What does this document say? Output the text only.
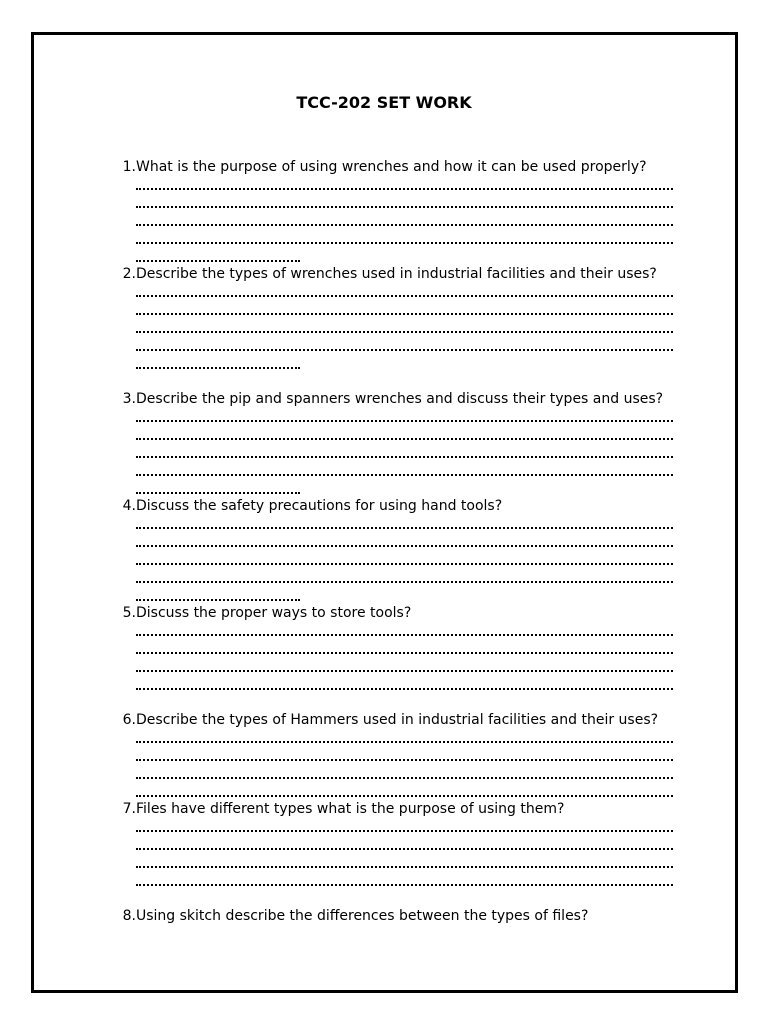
TCC-202 SET WORK
1. What is the purpose of using wrenches and how it can be used properly?
2. Describe the types of wrenches used in industrial facilities and their uses?
3. Describe the pip and spanners wrenches and discuss their types and uses?
4. Discuss the safety precautions for using hand tools?
5. Discuss the proper ways to store tools?
6. Describe the types of Hammers used in industrial facilities and their uses?
7. Files have different types what is the purpose of using them?
8. Using skitch describe the differences between the types of files?
